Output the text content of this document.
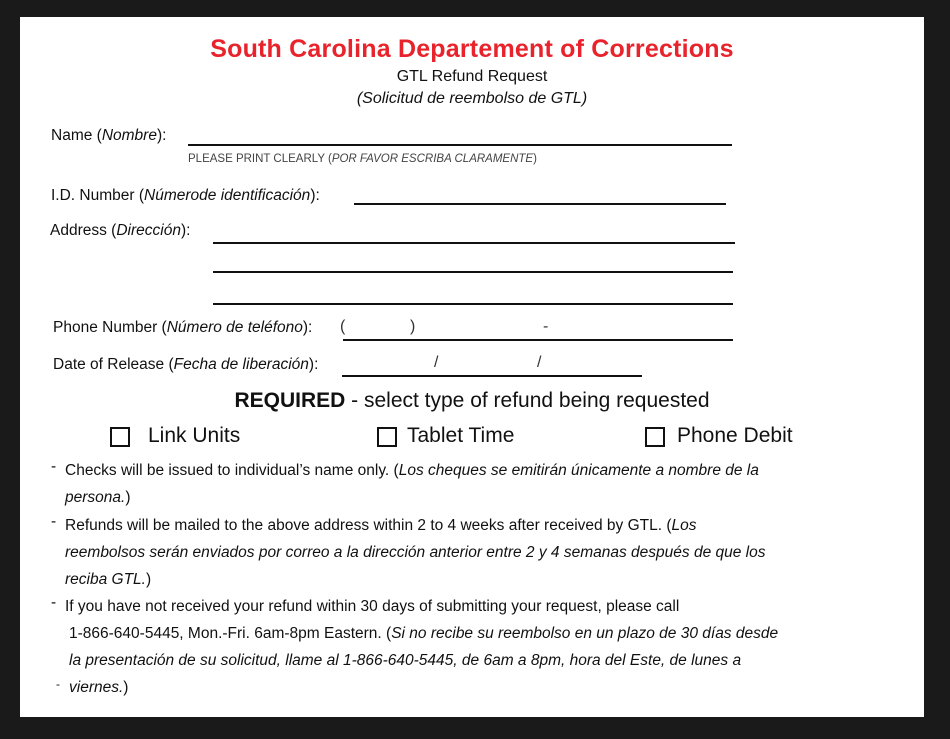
South Carolina Departement of Corrections
GTL Refund Request
(Solicitud de reembolso de GTL)
Name (Nombre):
PLEASE PRINT CLEARLY (POR FAVOR ESCRIBA CLARAMENTE)
I.D. Number (Númerode identificación):
Address (Dirección):
Phone Number (Número de teléfono): (	)	-
Date of Release (Fecha de liberación):	/	/
REQUIRED - select type of refund being requested
Link Units	Tablet Time	Phone Debit
- Checks will be issued to individual’s name only. (Los cheques se emitirán únicamente a nombre de la
persona.)
- Refunds will be mailed to the above address within 2 to 4 weeks after received by GTL. (Los
reembolsos serán enviados por correo a la dirección anterior entre 2 y 4 semanas después de que los
reciba GTL.)
- If you have not received your refund within 30 days of submitting your request, please call
1-866-640-5445, Mon.-Fri. 6am-8pm Eastern. (Si no recibe su reembolso en un plazo de 30 días desde
la presentación de su solicitud, llame al 1-866-640-5445, de 6am a 8pm, hora del Este, de lunes a
viernes.)
-
